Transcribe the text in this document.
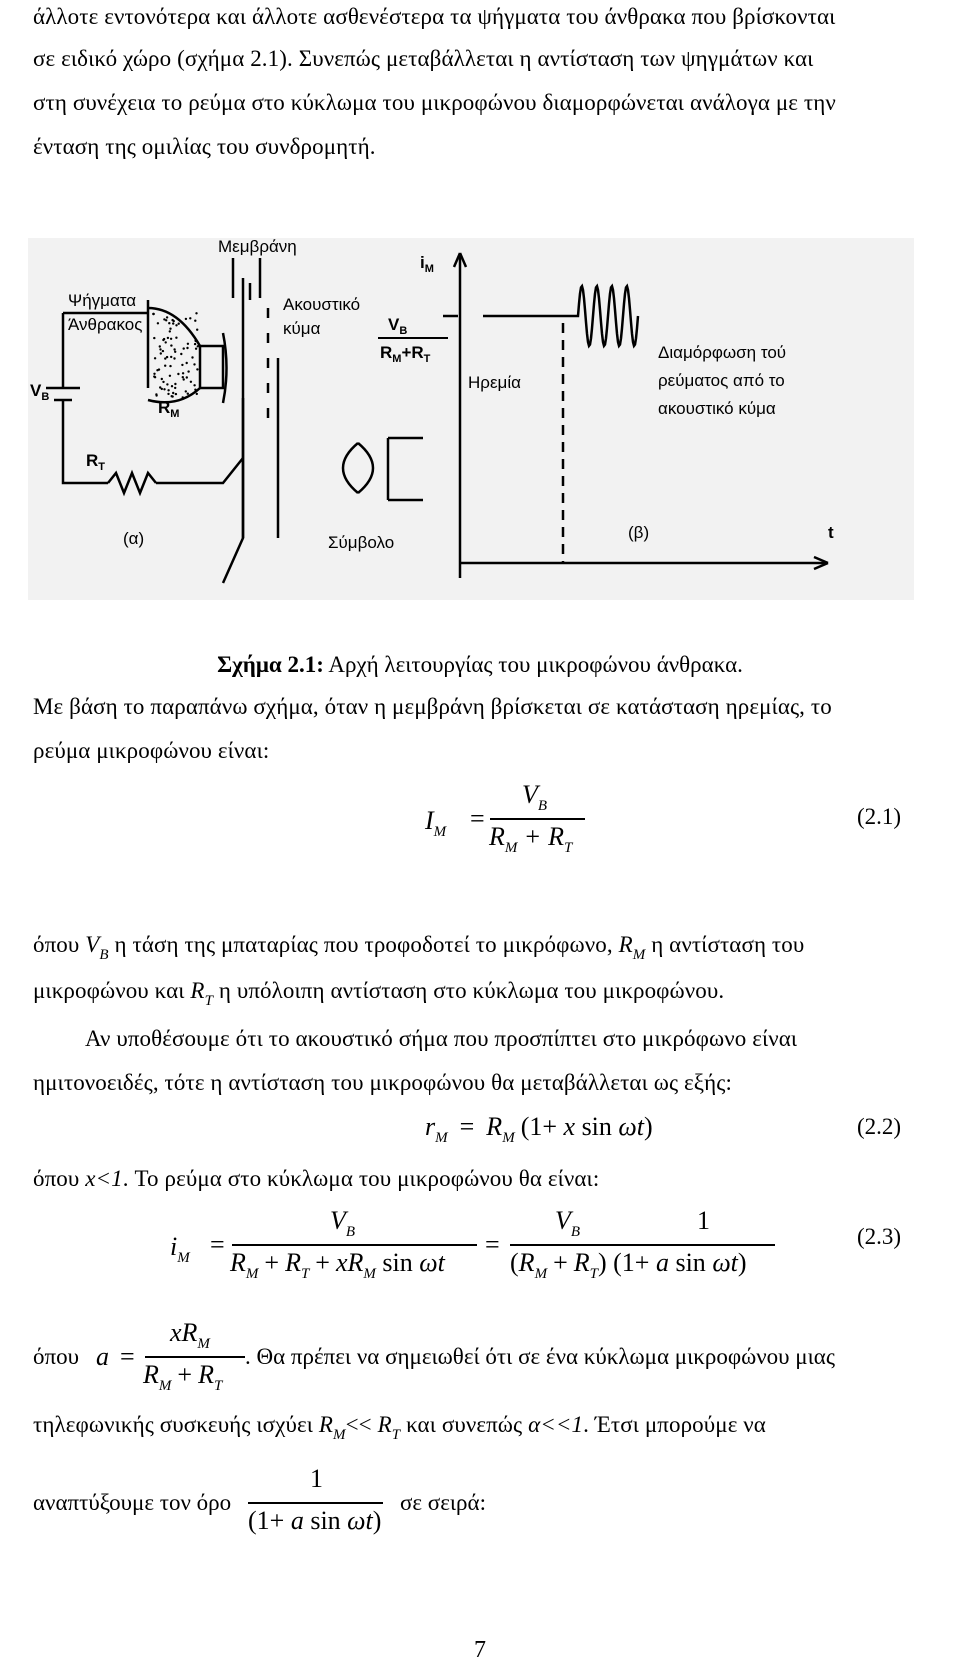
άλλοτε εντονότερα και άλλοτε ασθενέστερα τα ψήγματα του άνθρακα που βρίσκονται
σε ειδικό χώρο (σχήμα 2.1). Συνεπώς μεταβάλλεται η αντίσταση των ψηγμάτων και
στη συνέχεια το ρεύμα στο κύκλωμα του μικροφώνου διαμορφώνεται ανάλογα με την
ένταση της ομιλίας του συνδρομητή.
Μεμβράνη
Ψήγματα
Άνθρακος
Ακουστικό
κύμα
$V_B$
$R_M$
$R_T$
(α)	Σύμβολο
$i_M$
$V_B$
$R_M+R_T$
Ηρεμία
Διαμόρφωση τού
ρεύματος από το
ακουστικό κύμα
t
(β)
Σχήμα 2.1: Αρχή λειτουργίας του μικροφώνου άνθρακα.
Με βάση το παραπάνω σχήμα, όταν η μεμβράνη βρίσκεται σε κατάσταση ηρεμίας, το
ρεύμα μικροφώνου είναι:
$I_M$ =
$V_B$
$R_M + R_T$
(2.1)
όπου $V_B$ η τάση της μπαταρίας που τροφοδοτεί το μικρόφωνο, $R_M$ η αντίσταση του
μικροφώνου και $R_T$ η υπόλοιπη αντίσταση στο κύκλωμα του μικροφώνου.
Αν υποθέσουμε ότι το ακουστικό σήμα που προσπίπτει στο μικρόφωνο είναι
ημιτονοειδές, τότε η αντίσταση του μικροφώνου θα μεταβάλλεται ως εξής:
$r_M = R_M$ (1+ x sin ωt)	(2.2)
όπου x<1. Το ρεύμα στο κύκλωμα του μικροφώνου θα είναι:
$i_M$ =
$V_B$
$R_M + R_T + xR_M$ sin ωt
=
$V_B$
$(R_M + R_T)$ (1+ a sin ωt)
1
(2.3)
όπου a =
$xR_M$
$R_M + R_T$
. Θα πρέπει να σημειωθεί ότι σε ένα κύκλωμα μικροφώνου μιας
τηλεφωνικής συσκευής ισχύει $R_M<< R_T$ και συνεπώς α<<1. Έτσι μπορούμε να
αναπτύξουμε τον όρο
1
(1+ a sin ωt)
σε σειρά:
7
